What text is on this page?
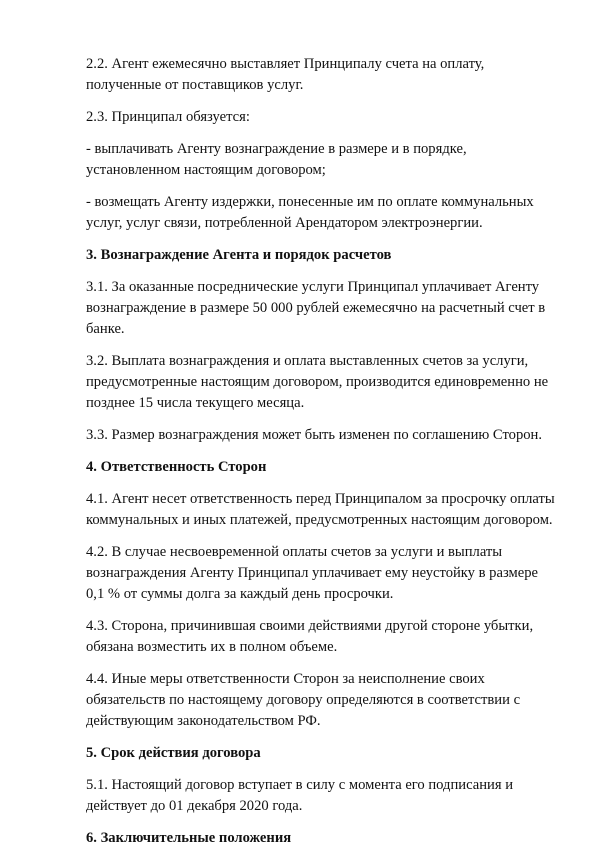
2.2. Агент ежемесячно выставляет Принципалу счета на оплату, полученные от поставщиков услуг.

2.3. Принципал обязуется:

- выплачивать Агенту вознаграждение в размере и в порядке, установленном настоящим договором;

- возмещать Агенту издержки, понесенные им по оплате коммунальных услуг, услуг связи, потребленной Арендатором электроэнергии.

3. Вознаграждение Агента и порядок расчетов

3.1. За оказанные посреднические услуги Принципал уплачивает Агенту вознаграждение в размере 50 000 рублей ежемесячно на расчетный счет в банке.

3.2. Выплата вознаграждения и оплата выставленных счетов за услуги, предусмотренные настоящим договором, производится единовременно не позднее 15 числа текущего месяца.

3.3. Размер вознаграждения может быть изменен по соглашению Сторон.

4. Ответственность Сторон

4.1. Агент несет ответственность перед Принципалом за просрочку оплаты коммунальных и иных платежей, предусмотренных настоящим договором.

4.2. В случае несвоевременной оплаты счетов за услуги и выплаты вознаграждения Агенту Принципал уплачивает ему неустойку в размере 0,1 % от суммы долга за каждый день просрочки.

4.3. Сторона, причинившая своими действиями другой стороне убытки, обязана возместить их в полном объеме.

4.4. Иные меры ответственности Сторон за неисполнение своих обязательств по настоящему договору определяются в соответствии с действующим законодательством РФ.

5. Срок действия договора

5.1. Настоящий договор вступает в силу с момента его подписания и действует до 01 декабря 2020 года.

6. Заключительные положения
